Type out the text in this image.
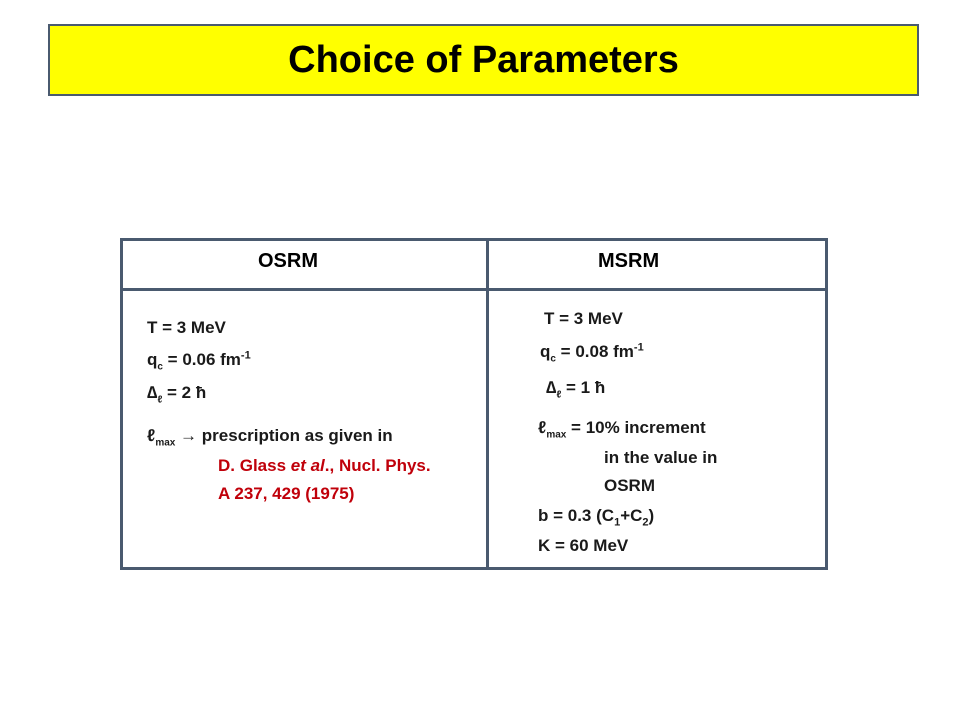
Choice of Parameters
OSRM	MSRM
T = 3 MeV
$q_c = 0.06$ $fm^{-1}$
$\Delta_\ell = 2$ ħ
ℓ$_{max}$ → prescription as given in
D. Glass et al., Nucl. Phys.
A 237, 429 (1975)
T = 3 MeV
$q_c = 0.08$ $fm^{-1}$
$\Delta_\ell = 1$ ħ
ℓ$_{max}$ = 10% increment
in the value in
OSRM
b = 0.3 $(C_1+C_2)$
K = 60 MeV
